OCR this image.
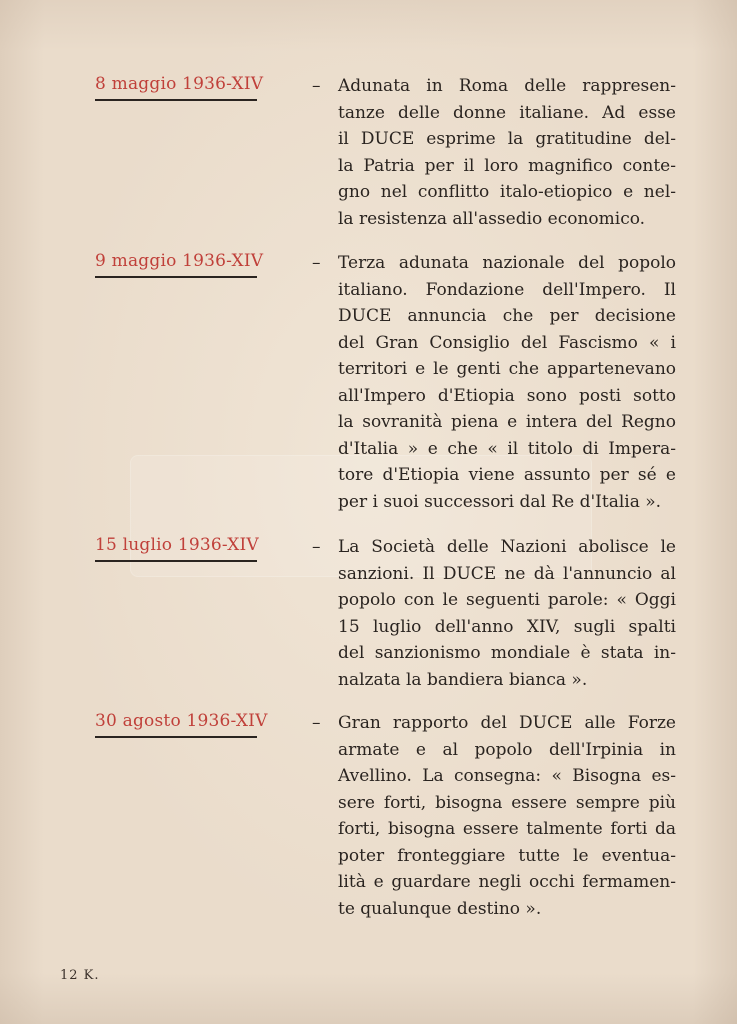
8 maggio 1936-XIV	– Adunata in Roma delle rappresen-
tanze delle donne italiane. Ad esse
il DUCE esprime la gratitudine del-
la Patria per il loro magnifico conte-
gno nel conflitto italo-etiopico e nel-
la resistenza all'assedio economico.
9 maggio 1936-XIV	– Terza adunata nazionale del popolo
italiano. Fondazione dell'Impero. Il
DUCE annuncia che per decisione
del Gran Consiglio del Fascismo « i
territori e le genti che appartenevano
all'Impero d'Etiopia sono posti sotto
la sovranità piena e intera del Regno
d'Italia » e che « il titolo di Impera-
tore d'Etiopia viene assunto per sé e
per i suoi successori dal Re d'Italia ».
15 luglio 1936-XIV	– La Società delle Nazioni abolisce le
sanzioni. Il DUCE ne dà l'annuncio al
popolo con le seguenti parole: « Oggi
15 luglio dell'anno XIV, sugli spalti
del sanzionismo mondiale è stata in-
nalzata la bandiera bianca ».
30 agosto 1936-XIV	– Gran rapporto del DUCE alle Forze
armate e al popolo dell'Irpinia in
Avellino. La consegna: « Bisogna es-
sere forti, bisogna essere sempre più
forti, bisogna essere talmente forti da
poter fronteggiare tutte le eventua-
lità e guardare negli occhi fermamen-
te qualunque destino ».
12 K.
